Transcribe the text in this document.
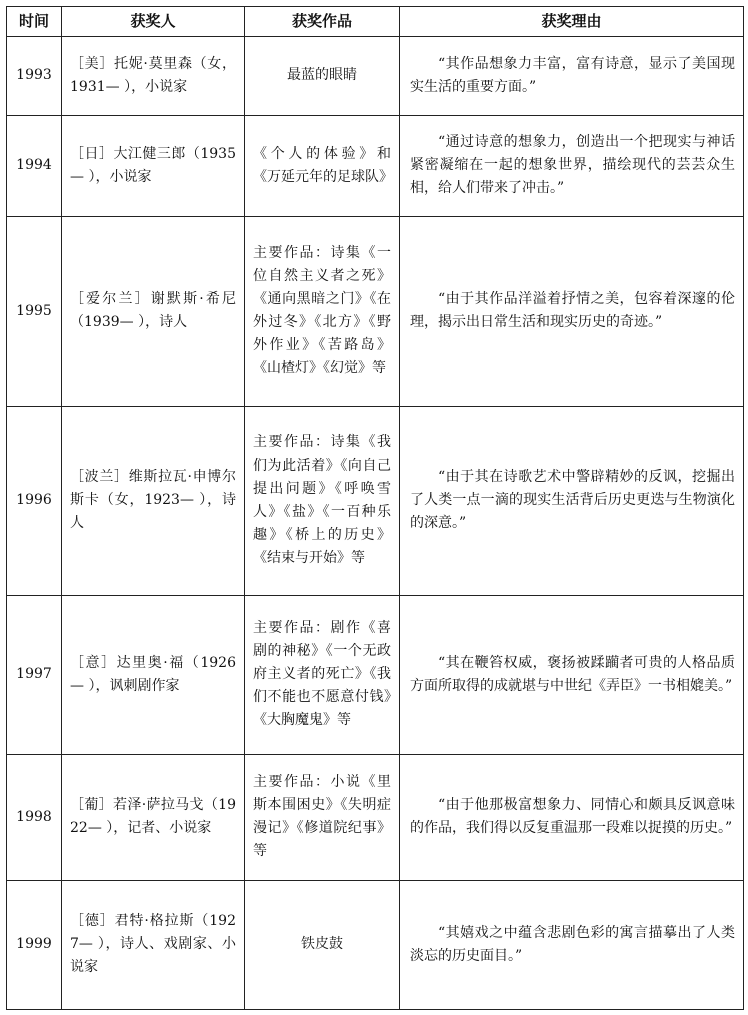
时间	获奖人	获奖作品	获奖理由
1993	［美］托妮·莫里森（女，1931— ），小说家	最蓝的眼睛	“其作品想象力丰富，富有诗意，显示了美国现实生活的重要方面。”
1994	［日］大江健三郎（1935— ），小说家	《个人的体验》和《万延元年的足球队》	“通过诗意的想象力，创造出一个把现实与神话紧密凝缩在一起的想象世界，描绘现代的芸芸众生相，给人们带来了冲击。”
1995	［爱尔兰］谢默斯·希尼（1939— ），诗人	主要作品：诗集《一位自然主义者之死》《通向黑暗之门》《在外过冬》《北方》《野外作业》《苦路岛》《山楂灯》《幻觉》等	“由于其作品洋溢着抒情之美，包容着深邃的伦理，揭示出日常生活和现实历史的奇迹。”
1996	［波兰］维斯拉瓦·申博尔斯卡（女，1923— ），诗人	主要作品：诗集《我们为此活着》《向自己提出问题》《呼唤雪人》《盐》《一百种乐趣》《桥上的历史》《结束与开始》等	“由于其在诗歌艺术中警辟精妙的反讽，挖掘出了人类一点一滴的现实生活背后历史更迭与生物演化的深意。”
1997	［意］达里奥·福（1926— ），讽刺剧作家	主要作品：剧作《喜剧的神秘》《一个无政府主义者的死亡》《我们不能也不愿意付钱》《大胸魔鬼》等	“其在鞭笞权威，褒扬被蹂躏者可贵的人格品质方面所取得的成就堪与中世纪《弄臣》一书相媲美。”
1998	［葡］若泽·萨拉马戈（1922— ），记者、小说家	主要作品：小说《里斯本围困史》《失明症漫记》《修道院纪事》等	“由于他那极富想象力、同情心和颇具反讽意味的作品，我们得以反复重温那一段难以捉摸的历史。”
1999	［德］君特·格拉斯（1927— ），诗人、戏剧家、小说家	铁皮鼓	“其嬉戏之中蕴含悲剧色彩的寓言描摹出了人类淡忘的历史面目。”
